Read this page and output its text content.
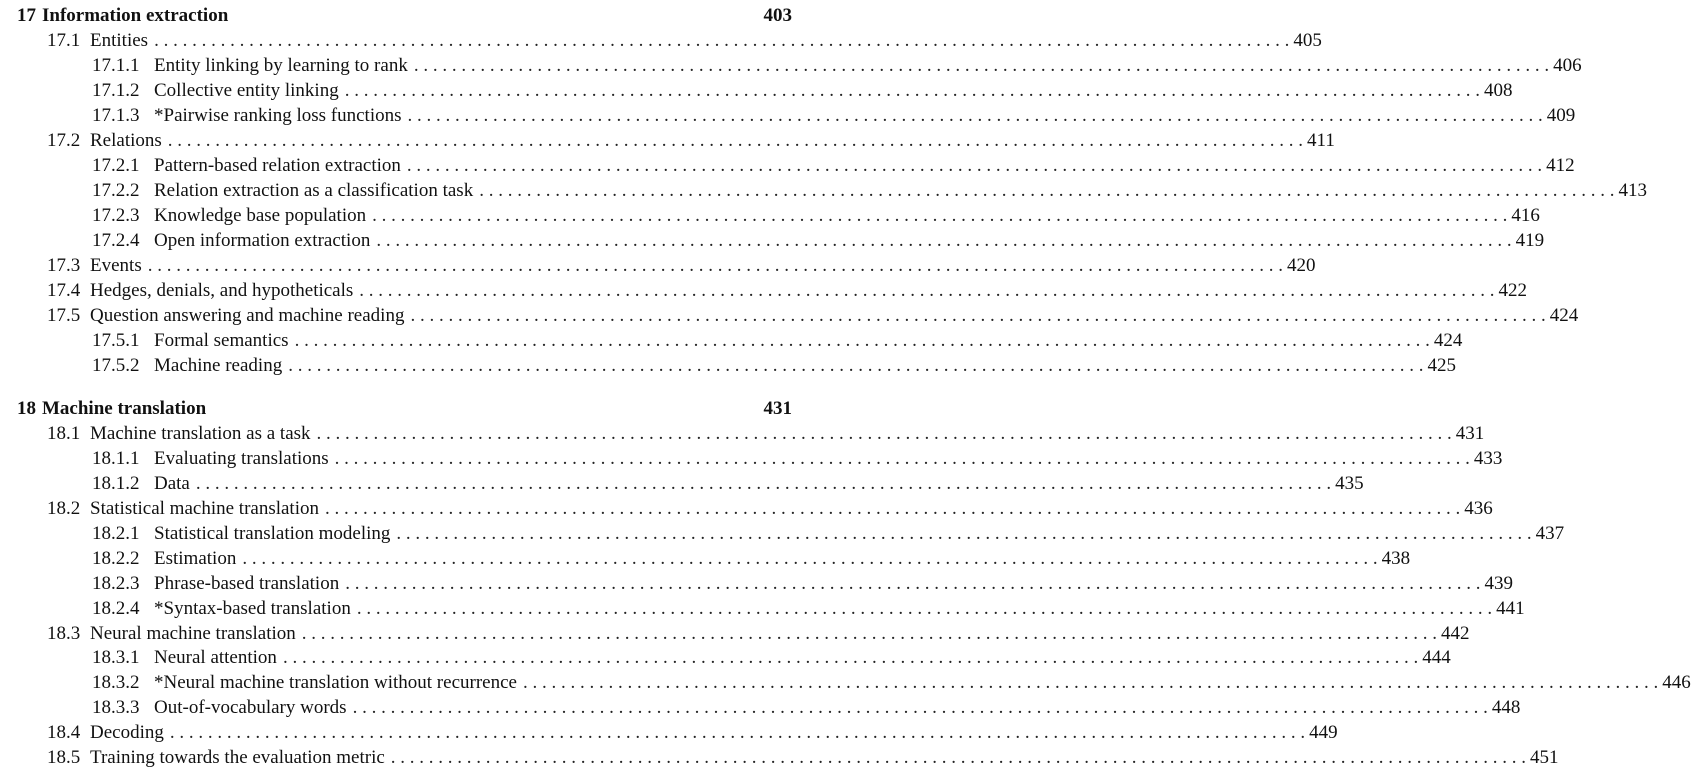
17 Information extraction	403
17.1 Entities . . . . . . . . . . . . . . . . . . . . . . . . . . . . . . . . . . . . . . . . . . . . . . . . . . . . . . . . . . . . . . . . . . . . . . . . . . . . . . . . . . . . . . . . . . . . . . . . . . . . . . . . . . . . . . . . . . . . . . . . 405
17.1.1 Entity linking by learning to rank . . . . . . . . . . . . . . . . . . . . . . . . . . . . . . . . . . . . . . . . . . . . . . . . . . . . . . . . . . . . . . . . . . . . . . . . . . . . . . . . . . . . . . . . . . . . . . . . . . . . . . . . . . . . . . . . . . . . . . . . 406
17.1.2 Collective entity linking . . . . . . . . . . . . . . . . . . . . . . . . . . . . . . . . . . . . . . . . . . . . . . . . . . . . . . . . . . . . . . . . . . . . . . . . . . . . . . . . . . . . . . . . . . . . . . . . . . . . . . . . . . . . . . . . . . . . . . . . 408
17.1.3 *Pairwise ranking loss functions . . . . . . . . . . . . . . . . . . . . . . . . . . . . . . . . . . . . . . . . . . . . . . . . . . . . . . . . . . . . . . . . . . . . . . . . . . . . . . . . . . . . . . . . . . . . . . . . . . . . . . . . . . . . . . . . . . . . . . . . 409
17.2 Relations . . . . . . . . . . . . . . . . . . . . . . . . . . . . . . . . . . . . . . . . . . . . . . . . . . . . . . . . . . . . . . . . . . . . . . . . . . . . . . . . . . . . . . . . . . . . . . . . . . . . . . . . . . . . . . . . . . . . . . . . 411
17.2.1 Pattern-based relation extraction . . . . . . . . . . . . . . . . . . . . . . . . . . . . . . . . . . . . . . . . . . . . . . . . . . . . . . . . . . . . . . . . . . . . . . . . . . . . . . . . . . . . . . . . . . . . . . . . . . . . . . . . . . . . . . . . . . . . . . . . 412
17.2.2 Relation extraction as a classification task . . . . . . . . . . . . . . . . . . . . . . . . . . . . . . . . . . . . . . . . . . . . . . . . . . . . . . . . . . . . . . . . . . . . . . . . . . . . . . . . . . . . . . . . . . . . . . . . . . . . . . . . . . . . . . . . . . . . . . . . 413
17.2.3 Knowledge base population . . . . . . . . . . . . . . . . . . . . . . . . . . . . . . . . . . . . . . . . . . . . . . . . . . . . . . . . . . . . . . . . . . . . . . . . . . . . . . . . . . . . . . . . . . . . . . . . . . . . . . . . . . . . . . . . . . . . . . . . 416
17.2.4 Open information extraction . . . . . . . . . . . . . . . . . . . . . . . . . . . . . . . . . . . . . . . . . . . . . . . . . . . . . . . . . . . . . . . . . . . . . . . . . . . . . . . . . . . . . . . . . . . . . . . . . . . . . . . . . . . . . . . . . . . . . . . . 419
17.3 Events . . . . . . . . . . . . . . . . . . . . . . . . . . . . . . . . . . . . . . . . . . . . . . . . . . . . . . . . . . . . . . . . . . . . . . . . . . . . . . . . . . . . . . . . . . . . . . . . . . . . . . . . . . . . . . . . . . . . . . . . 420
17.4 Hedges, denials, and hypotheticals . . . . . . . . . . . . . . . . . . . . . . . . . . . . . . . . . . . . . . . . . . . . . . . . . . . . . . . . . . . . . . . . . . . . . . . . . . . . . . . . . . . . . . . . . . . . . . . . . . . . . . . . . . . . . . . . . . . . . . . . 422
17.5 Question answering and machine reading . . . . . . . . . . . . . . . . . . . . . . . . . . . . . . . . . . . . . . . . . . . . . . . . . . . . . . . . . . . . . . . . . . . . . . . . . . . . . . . . . . . . . . . . . . . . . . . . . . . . . . . . . . . . . . . . . . . . . . . . 424
17.5.1 Formal semantics . . . . . . . . . . . . . . . . . . . . . . . . . . . . . . . . . . . . . . . . . . . . . . . . . . . . . . . . . . . . . . . . . . . . . . . . . . . . . . . . . . . . . . . . . . . . . . . . . . . . . . . . . . . . . . . . . . . . . . . . 424
17.5.2 Machine reading . . . . . . . . . . . . . . . . . . . . . . . . . . . . . . . . . . . . . . . . . . . . . . . . . . . . . . . . . . . . . . . . . . . . . . . . . . . . . . . . . . . . . . . . . . . . . . . . . . . . . . . . . . . . . . . . . . . . . . . . 425
18 Machine translation	431
18.1 Machine translation as a task . . . . . . . . . . . . . . . . . . . . . . . . . . . . . . . . . . . . . . . . . . . . . . . . . . . . . . . . . . . . . . . . . . . . . . . . . . . . . . . . . . . . . . . . . . . . . . . . . . . . . . . . . . . . . . . . . . . . . . . . 431
18.1.1 Evaluating translations . . . . . . . . . . . . . . . . . . . . . . . . . . . . . . . . . . . . . . . . . . . . . . . . . . . . . . . . . . . . . . . . . . . . . . . . . . . . . . . . . . . . . . . . . . . . . . . . . . . . . . . . . . . . . . . . . . . . . . . . 433
18.1.2 Data . . . . . . . . . . . . . . . . . . . . . . . . . . . . . . . . . . . . . . . . . . . . . . . . . . . . . . . . . . . . . . . . . . . . . . . . . . . . . . . . . . . . . . . . . . . . . . . . . . . . . . . . . . . . . . . . . . . . . . . . 435
18.2 Statistical machine translation . . . . . . . . . . . . . . . . . . . . . . . . . . . . . . . . . . . . . . . . . . . . . . . . . . . . . . . . . . . . . . . . . . . . . . . . . . . . . . . . . . . . . . . . . . . . . . . . . . . . . . . . . . . . . . . . . . . . . . . . 436
18.2.1 Statistical translation modeling . . . . . . . . . . . . . . . . . . . . . . . . . . . . . . . . . . . . . . . . . . . . . . . . . . . . . . . . . . . . . . . . . . . . . . . . . . . . . . . . . . . . . . . . . . . . . . . . . . . . . . . . . . . . . . . . . . . . . . . . 437
18.2.2 Estimation . . . . . . . . . . . . . . . . . . . . . . . . . . . . . . . . . . . . . . . . . . . . . . . . . . . . . . . . . . . . . . . . . . . . . . . . . . . . . . . . . . . . . . . . . . . . . . . . . . . . . . . . . . . . . . . . . . . . . . . . 438
18.2.3 Phrase-based translation . . . . . . . . . . . . . . . . . . . . . . . . . . . . . . . . . . . . . . . . . . . . . . . . . . . . . . . . . . . . . . . . . . . . . . . . . . . . . . . . . . . . . . . . . . . . . . . . . . . . . . . . . . . . . . . . . . . . . . . . 439
18.2.4 *Syntax-based translation . . . . . . . . . . . . . . . . . . . . . . . . . . . . . . . . . . . . . . . . . . . . . . . . . . . . . . . . . . . . . . . . . . . . . . . . . . . . . . . . . . . . . . . . . . . . . . . . . . . . . . . . . . . . . . . . . . . . . . . . 441
18.3 Neural machine translation . . . . . . . . . . . . . . . . . . . . . . . . . . . . . . . . . . . . . . . . . . . . . . . . . . . . . . . . . . . . . . . . . . . . . . . . . . . . . . . . . . . . . . . . . . . . . . . . . . . . . . . . . . . . . . . . . . . . . . . . 442
18.3.1 Neural attention . . . . . . . . . . . . . . . . . . . . . . . . . . . . . . . . . . . . . . . . . . . . . . . . . . . . . . . . . . . . . . . . . . . . . . . . . . . . . . . . . . . . . . . . . . . . . . . . . . . . . . . . . . . . . . . . . . . . . . . . 444
18.3.2 *Neural machine translation without recurrence . . . . . . . . . . . . . . . . . . . . . . . . . . . . . . . . . . . . . . . . . . . . . . . . . . . . . . . . . . . . . . . . . . . . . . . . . . . . . . . . . . . . . . . . . . . . . . . . . . . . . . . . . . . . . . . . . . . . . . . . 446
18.3.3 Out-of-vocabulary words . . . . . . . . . . . . . . . . . . . . . . . . . . . . . . . . . . . . . . . . . . . . . . . . . . . . . . . . . . . . . . . . . . . . . . . . . . . . . . . . . . . . . . . . . . . . . . . . . . . . . . . . . . . . . . . . . . . . . . . . 448
18.4 Decoding . . . . . . . . . . . . . . . . . . . . . . . . . . . . . . . . . . . . . . . . . . . . . . . . . . . . . . . . . . . . . . . . . . . . . . . . . . . . . . . . . . . . . . . . . . . . . . . . . . . . . . . . . . . . . . . . . . . . . . . . 449
18.5 Training towards the evaluation metric . . . . . . . . . . . . . . . . . . . . . . . . . . . . . . . . . . . . . . . . . . . . . . . . . . . . . . . . . . . . . . . . . . . . . . . . . . . . . . . . . . . . . . . . . . . . . . . . . . . . . . . . . . . . . . . . . . . . . . . . 451
